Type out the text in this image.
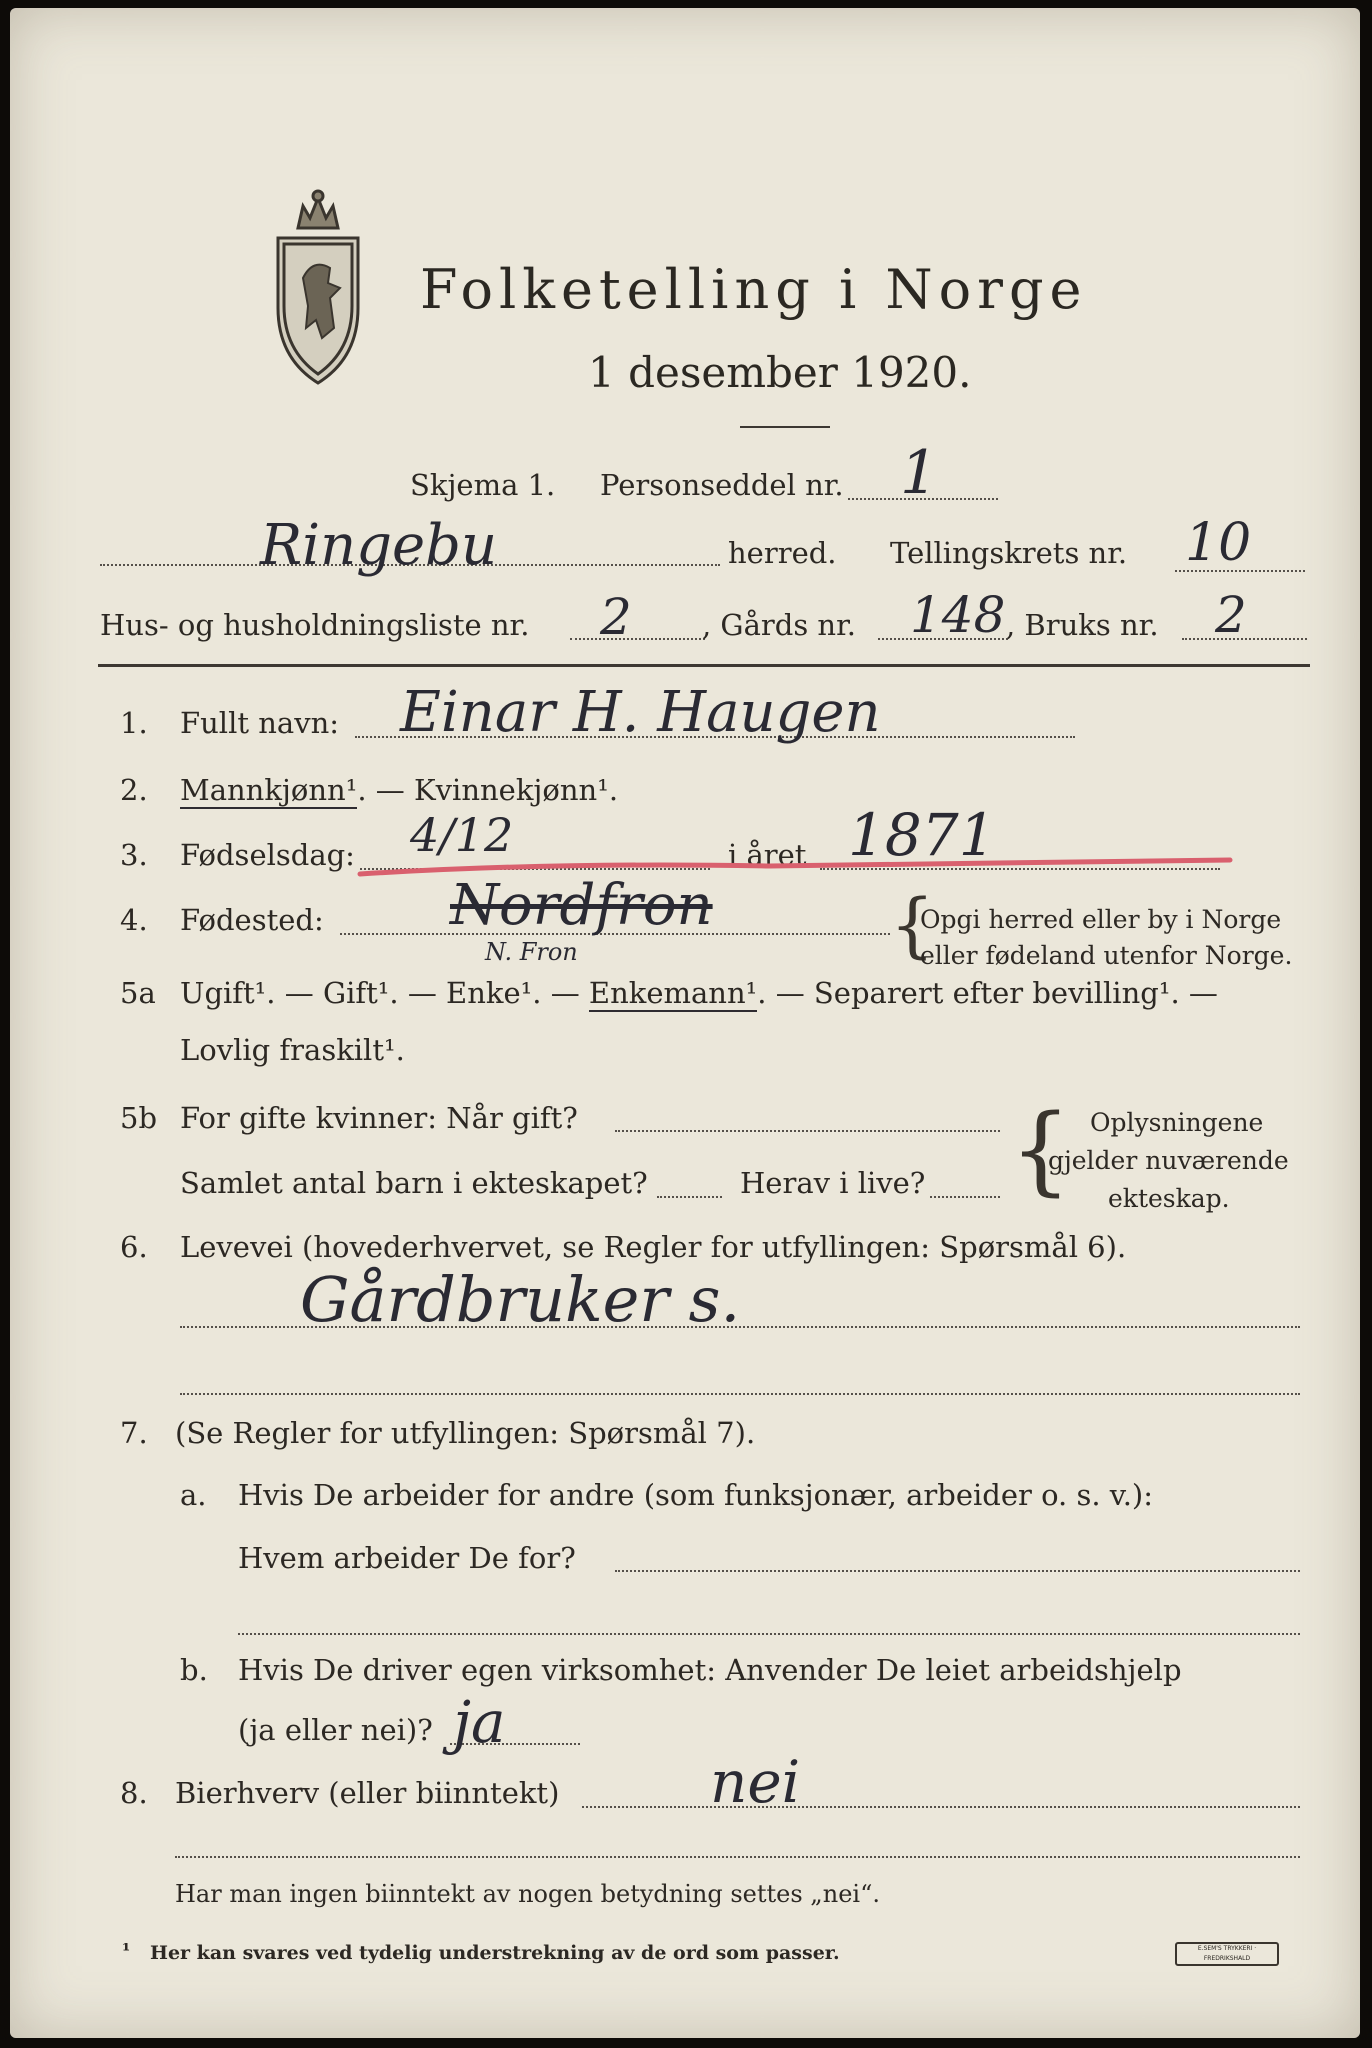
Folketelling i Norge
1 desember 1920.
Skjema 1. Personseddel nr. 1
Ringebu	herred. Tellingskrets nr. 10
Hus- og husholdningsliste nr. 2 , Gårds nr. 148 , Bruks nr. 2
1. Fullt navn: Einar H. Haugen
2. Mannkjønn¹. — Kvinnekjønn¹.
3. Fødselsdag: 4/12	i året 1871
4. Fødested: Nordfron
N. Fron	{
Opgi herred eller by i Norge
eller fødeland utenfor Norge.
5a Ugift¹. — Gift¹. — Enke¹. — Enkemann¹. — Separert efter bevilling¹. —
Lovlig fraskilt¹.
5b For gifte kvinner: Når gift?
Samlet antal barn i ekteskapet?	Herav i live? { Oplysningene
gjelder nuværende
ekteskap.
6. Levevei (hovederhvervet, se Regler for utfyllingen: Spørsmål 6).
Gårdbruker s.
7. (Se Regler for utfyllingen: Spørsmål 7).
a. Hvis De arbeider for andre (som funksjonær, arbeider o. s. v.):
Hvem arbeider De for?
b. Hvis De driver egen virksomhet: Anvender De leiet arbeidshjelp
(ja eller nei)? ja
8. Bierhverv (eller biinntekt)	nei
Har man ingen biinntekt av nogen betydning settes „nei“.
¹ Her kan svares ved tydelig understrekning av de ord som passer.	E.SEM'S TRYKKERI · FREDRIKSHALD
